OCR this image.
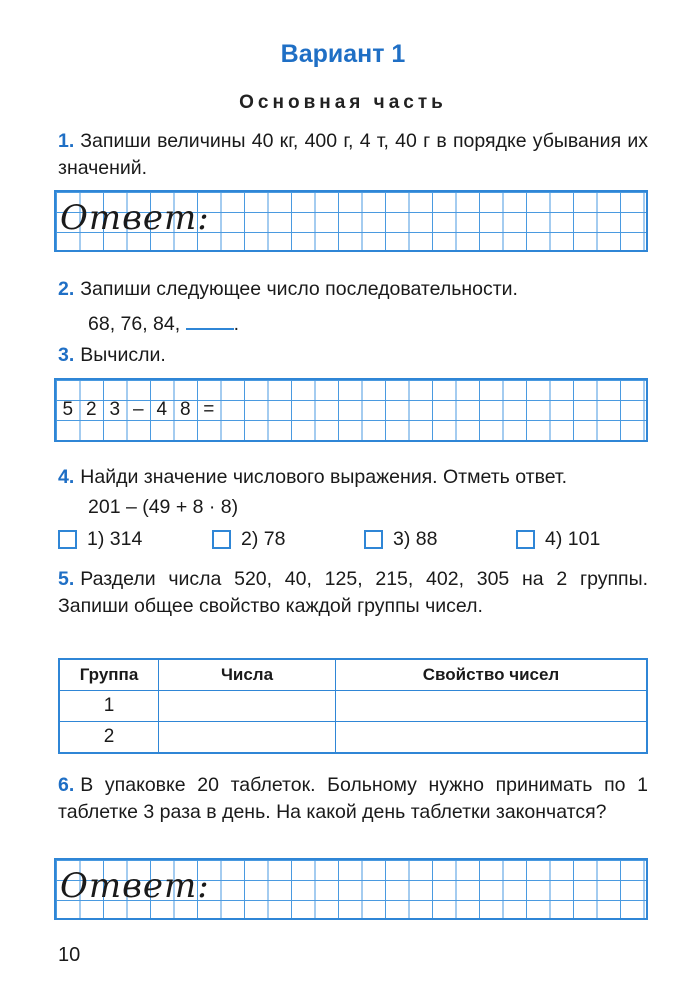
Вариант 1
Основная часть
1. Запиши величины 40 кг, 400 г, 4 т, 40 г в порядке убывания их значений.
Ответ:
2. Запиши следующее число последовательности.
68, 76, 84,	.
3. Вычисли.
5 2 3 – 4 8 =
4. Найди значение числового выражения. Отметь ответ.
201 – (49 + 8 · 8)
1) 314	2) 78	3) 88	4) 101
5. Раздели числа 520, 40, 125, 215, 402, 305 на 2 группы. Запиши общее свойство каждой группы чисел.
Группа	Числа	Свойство чисел
1		
2		
6. В упаковке 20 таблеток. Больному нужно принимать по 1 таблетке 3 раза в день. На какой день таблетки закончатся?
Ответ:
10
